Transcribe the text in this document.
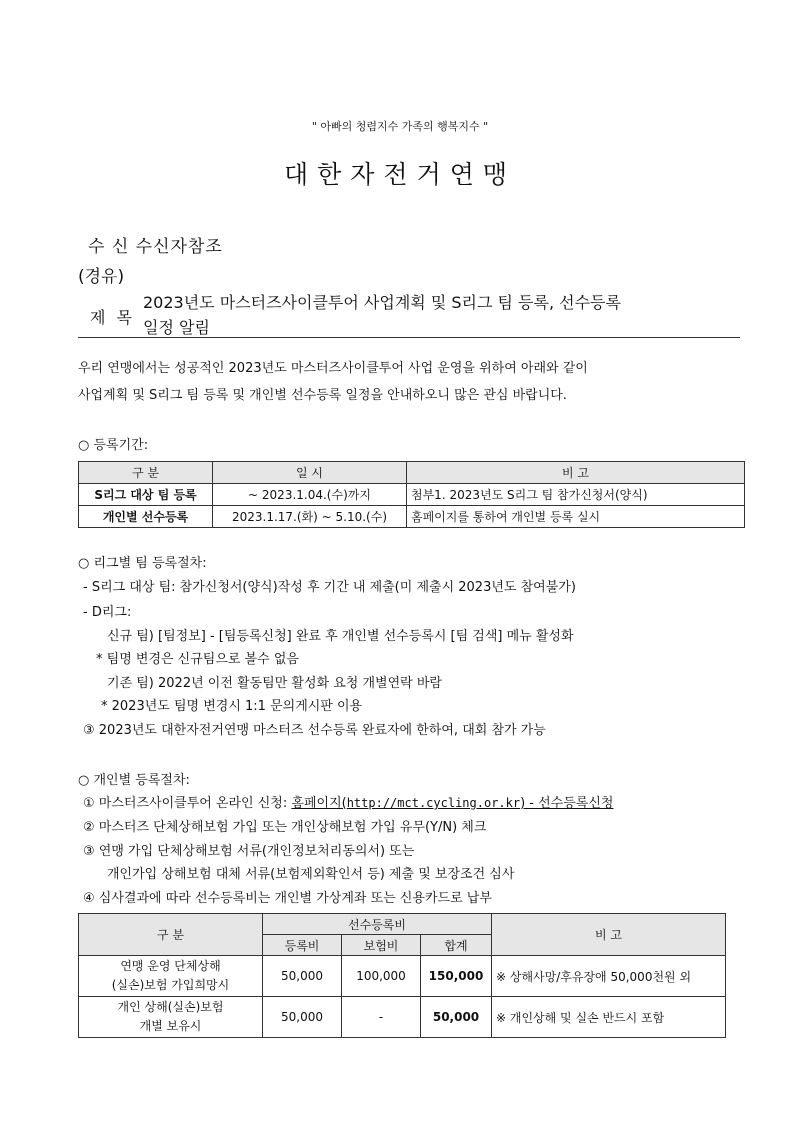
" 아빠의 청렴지수 가족의 행복지수 "
대한자전거연맹
수 신 수신자참조
(경유)
제 목
2023년도 마스터즈사이클투어 사업계획 및 S리그 팀 등록, 선수등록
일정 알림
우리 연맹에서는 성공적인 2023년도 마스터즈사이클투어 사업 운영을 위하여 아래와 같이
사업계획 및 S리그 팀 등록 및 개인별 선수등록 일정을 안내하오니 많은 관심 바랍니다.
○ 등록기간:
구 분	일 시	비 고
S리그 대상 팀 등록	~ 2023.1.04.(수)까지	첨부1. 2023년도 S리그 팀 참가신청서(양식)
개인별 선수등록	2023.1.17.(화) ~ 5.10.(수)	홈페이지를 통하여 개인별 등록 실시
○ 리그별 팀 등록절차:
- S리그 대상 팀: 참가신청서(양식)작성 후 기간 내 제출(미 제출시 2023년도 참여불가)
- D리그:
신규 팀) [팀정보] - [팀등록신청] 완료 후 개인별 선수등록시 [팀 검색] 메뉴 활성화
* 팀명 변경은 신규팀으로 볼수 없음
기존 팀) 2022년 이전 활동팀만 활성화 요청 개별연락 바람
* 2023년도 팀명 변경시 1:1 문의게시판 이용
③ 2023년도 대한자전거연맹 마스터즈 선수등록 완료자에 한하여, 대회 참가 가능
○ 개인별 등록절차:
① 마스터즈사이클투어 온라인 신청: 홈페이지(http://mct.cycling.or.kr) - 선수등록신청
② 마스터즈 단체상해보험 가입 또는 개인상해보험 가입 유무(Y/N) 체크
③ 연맹 가입 단체상해보험 서류(개인정보처리동의서) 또는
개인가입 상해보험 대체 서류(보험제외확인서 등) 제출 및 보장조건 심사
④ 심사결과에 따라 선수등록비는 개인별 가상계좌 또는 신용카드로 납부
구 분	선수등록비			비 고
	등록비	보험비	합계	

연맹 운영 단체상해
(실손)보험 가입희망시	50,000	100,000	150,000	※ 상해사망/후유장애 50,000천원 외

개인 상해(실손)보험
개별 보유시	50,000	-	50,000	※ 개인상해 및 실손 반드시 포함
